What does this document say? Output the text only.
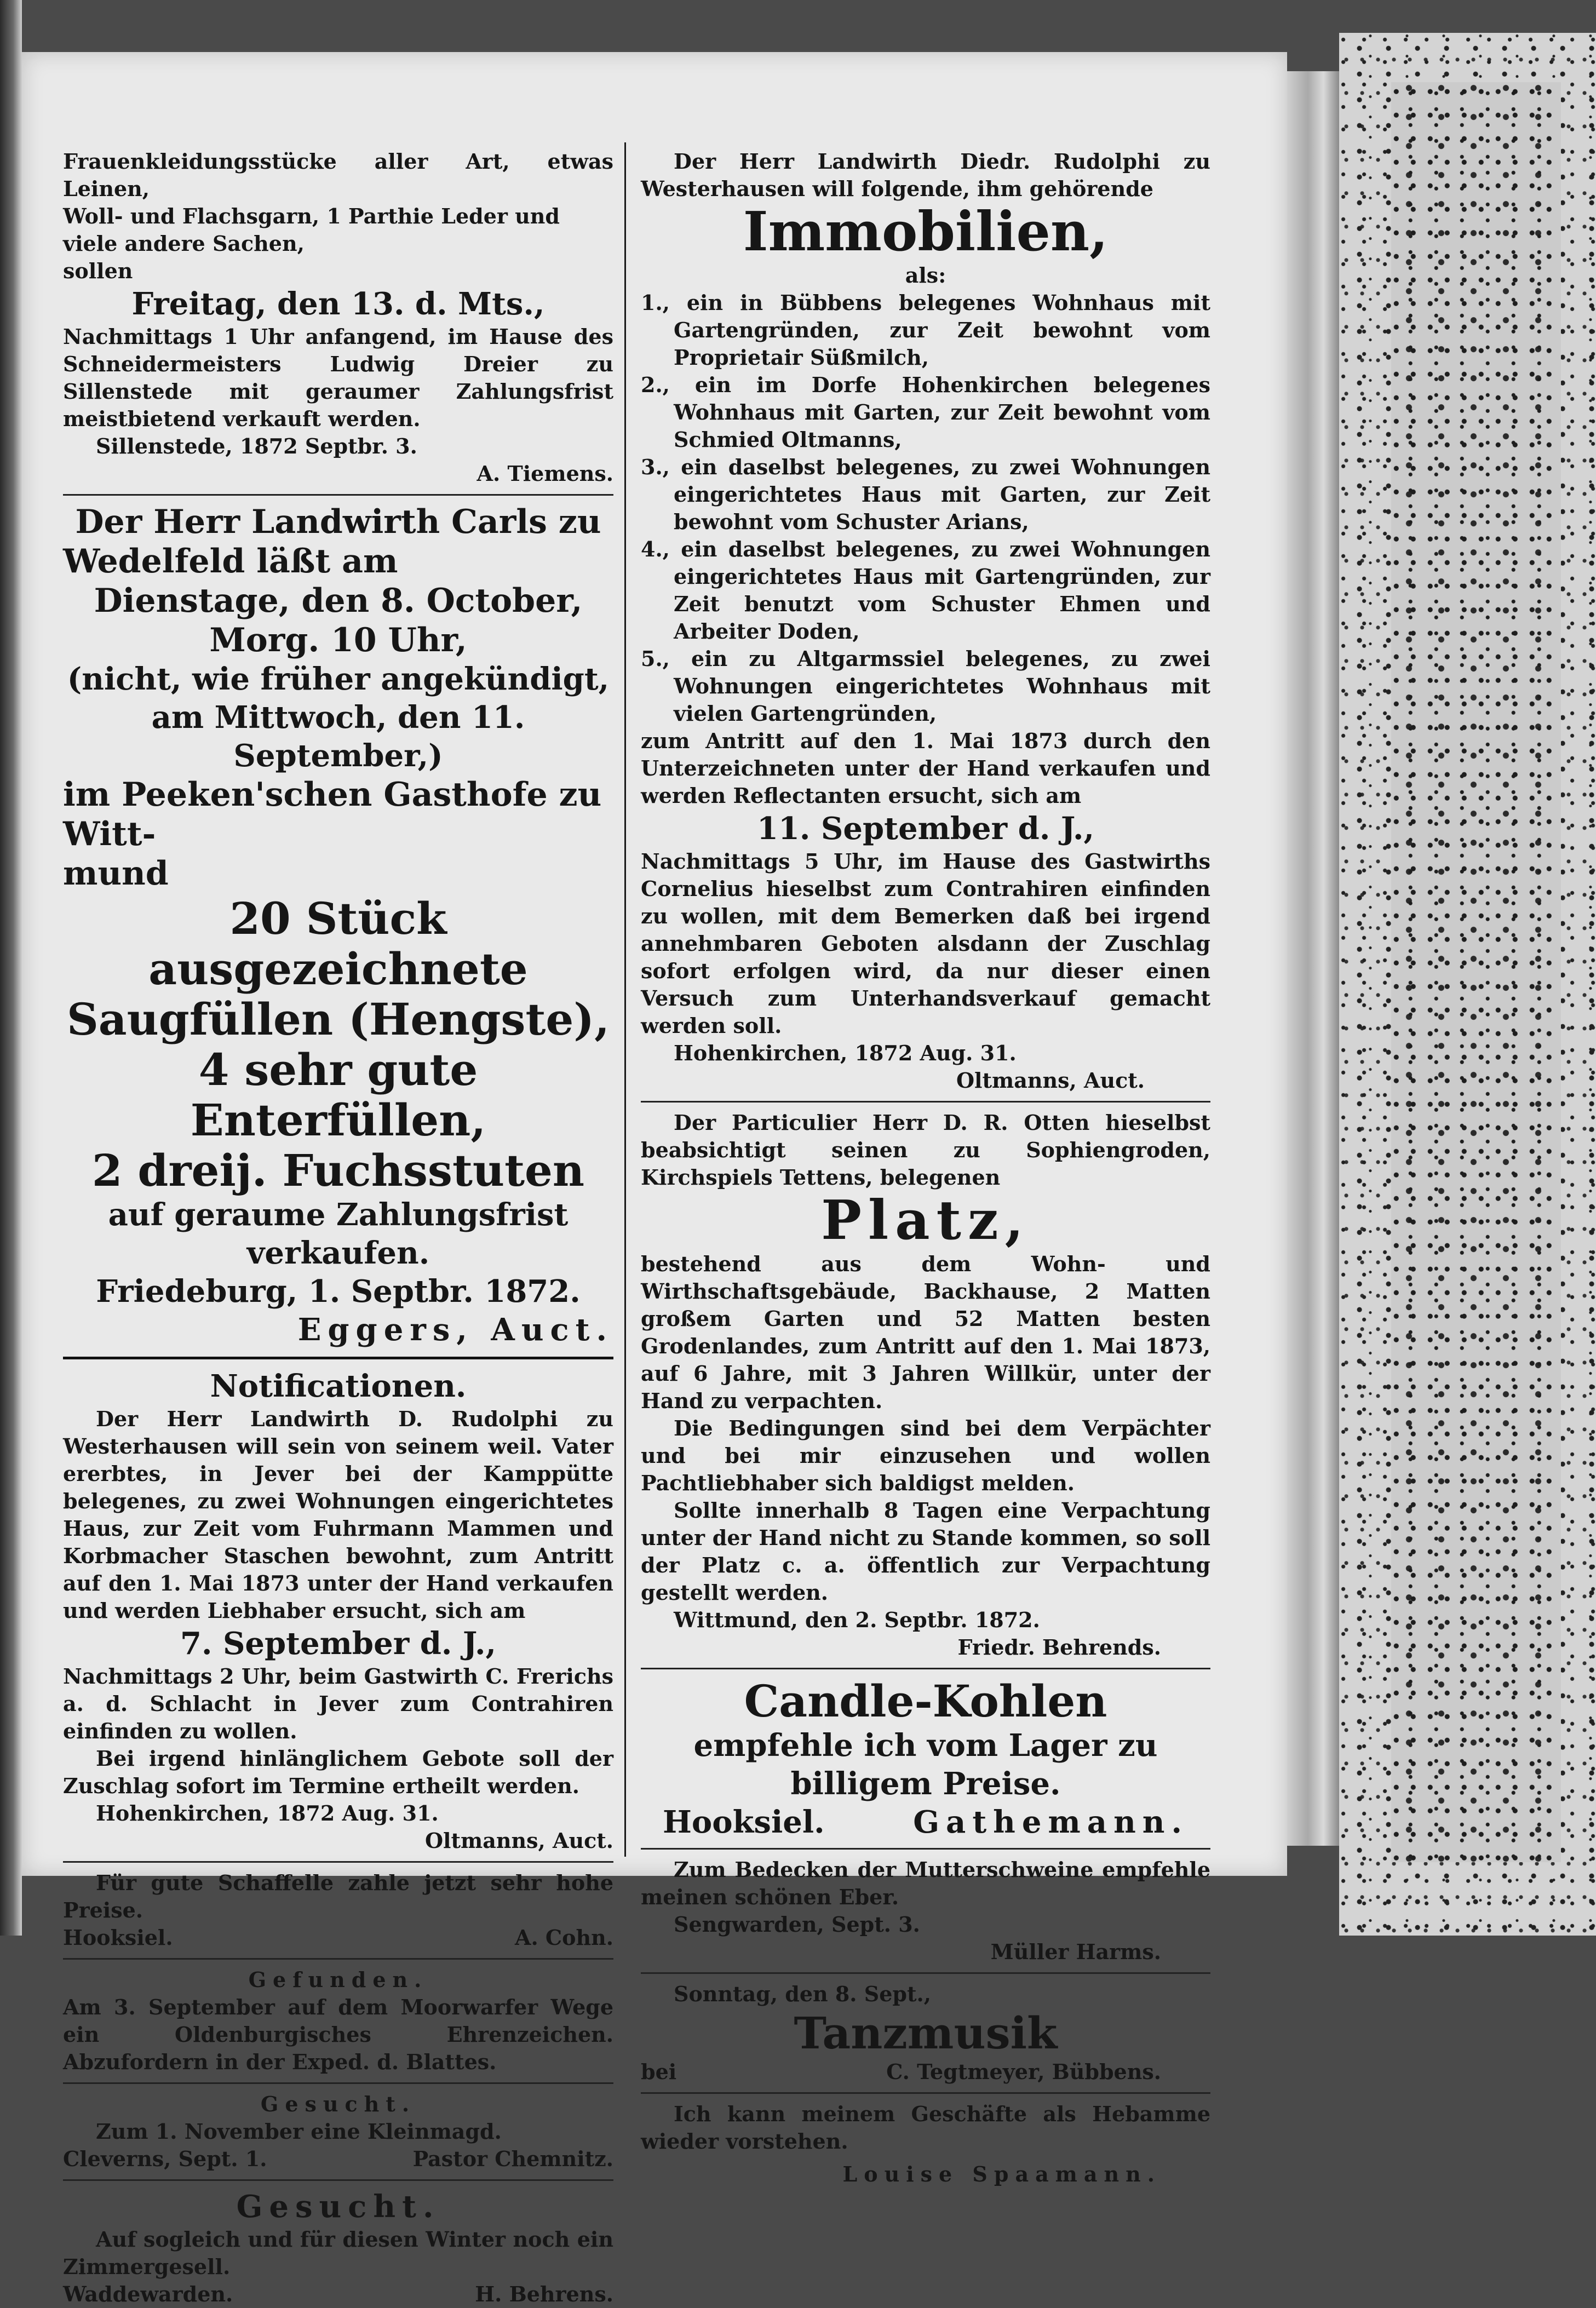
Frauenkleidungsstücke aller Art, etwas Leinen,
Woll- und Flachsgarn, 1 Parthie Leder und
viele andere Sachen,
sollen
Freitag, den 13. d. Mts.,
Nachmittags 1 Uhr anfangend, im Hause des Schneidermeisters Ludwig Dreier zu Sillenstede mit geraumer Zahlungsfrist meistbietend verkauft werden.
Sillenstede, 1872 Septbr. 3.
A. Tiemens.
Der Herr Landwirth Carls zu
Wedelfeld läßt am
Dienstage, den 8. October,
Morg. 10 Uhr,
(nicht, wie früher angekündigt,
am Mittwoch, den 11. September,)
im Peeken'schen Gasthofe zu Witt-
mund
20 Stück ausgezeichnete
Saugfüllen (Hengste),
4 sehr gute Enterfüllen,
2 dreij. Fuchsstuten
auf geraume Zahlungsfrist verkaufen.
Friedeburg, 1. Septbr. 1872.
Eggers, Auct.
Notificationen.
Der Herr Landwirth D. Rudolphi zu Westerhausen will sein von seinem weil. Vater ererbtes, in Jever bei der Kamppütte belegenes, zu zwei Wohnungen eingerichtetes Haus, zur Zeit vom Fuhrmann Mammen und Korbmacher Staschen bewohnt, zum Antritt auf den 1. Mai 1873 unter der Hand verkaufen und werden Liebhaber ersucht, sich am
7. September d. J.,
Nachmittags 2 Uhr, beim Gastwirth C. Frerichs a. d. Schlacht in Jever zum Contrahiren einfinden zu wollen.
Bei irgend hinlänglichem Gebote soll der Zuschlag sofort im Termine ertheilt werden.
Hohenkirchen, 1872 Aug. 31.
Oltmanns, Auct.
Für gute Schaffelle zahle jetzt sehr hohe Preise.
Hooksiel.	A. Cohn.
Gefunden.
Am 3. September auf dem Moorwarfer Wege ein Oldenburgisches Ehrenzeichen. Abzufordern in der Exped. d. Blattes.
Gesucht.
Zum 1. November eine Kleinmagd.
Cleverns, Sept. 1.	Pastor Chemnitz.
Gesucht.
Auf sogleich und für diesen Winter noch ein Zimmergesell.
Waddewarden.	H. Behrens.
Der Herr Landwirth Diedr. Rudolphi zu Westerhausen will folgende, ihm gehörende
Immobilien,
als:
1., ein in Bübbens belegenes Wohnhaus mit Gartengründen, zur Zeit bewohnt vom Proprietair Süßmilch,
2., ein im Dorfe Hohenkirchen belegenes Wohnhaus mit Garten, zur Zeit bewohnt vom Schmied Oltmanns,
3., ein daselbst belegenes, zu zwei Wohnungen eingerichtetes Haus mit Garten, zur Zeit bewohnt vom Schuster Arians,
4., ein daselbst belegenes, zu zwei Wohnungen eingerichtetes Haus mit Gartengründen, zur Zeit benutzt vom Schuster Ehmen und Arbeiter Doden,
5., ein zu Altgarmssiel belegenes, zu zwei Wohnungen eingerichtetes Wohnhaus mit vielen Gartengründen,
zum Antritt auf den 1. Mai 1873 durch den Unterzeichneten unter der Hand verkaufen und werden Reflectanten ersucht, sich am
11. September d. J.,
Nachmittags 5 Uhr, im Hause des Gastwirths Cornelius hieselbst zum Contrahiren einfinden zu wollen, mit dem Bemerken daß bei irgend annehmbaren Geboten alsdann der Zuschlag sofort erfolgen wird, da nur dieser einen Versuch zum Unterhandsverkauf gemacht werden soll.
Hohenkirchen, 1872 Aug. 31.
Oltmanns, Auct.
Der Particulier Herr D. R. Otten hieselbst beabsichtigt seinen zu Sophiengroden, Kirchspiels Tettens, belegenen
Platz,
bestehend aus dem Wohn- und Wirthschaftsgebäude, Backhause, 2 Matten großem Garten und 52 Matten besten Grodenlandes, zum Antritt auf den 1. Mai 1873, auf 6 Jahre, mit 3 Jahren Willkür, unter der Hand zu verpachten.
Die Bedingungen sind bei dem Verpächter und bei mir einzusehen und wollen Pachtliebhaber sich baldigst melden.
Sollte innerhalb 8 Tagen eine Verpachtung unter der Hand nicht zu Stande kommen, so soll der Platz c. a. öffentlich zur Verpachtung gestellt werden.
Wittmund, den 2. Septbr. 1872.
Friedr. Behrends.
Candle-Kohlen
empfehle ich vom Lager zu billigem Preise.
Hooksiel.	Gathemann.
Zum Bedecken der Mutterschweine empfehle meinen schönen Eber.
Sengwarden, Sept. 3.
Müller Harms.
Sonntag, den 8. Sept.,
Tanzmusik
bei	C. Tegtmeyer, Bübbens.
Ich kann meinem Geschäfte als Hebamme wieder vorstehen.
Louise Spaamann.
